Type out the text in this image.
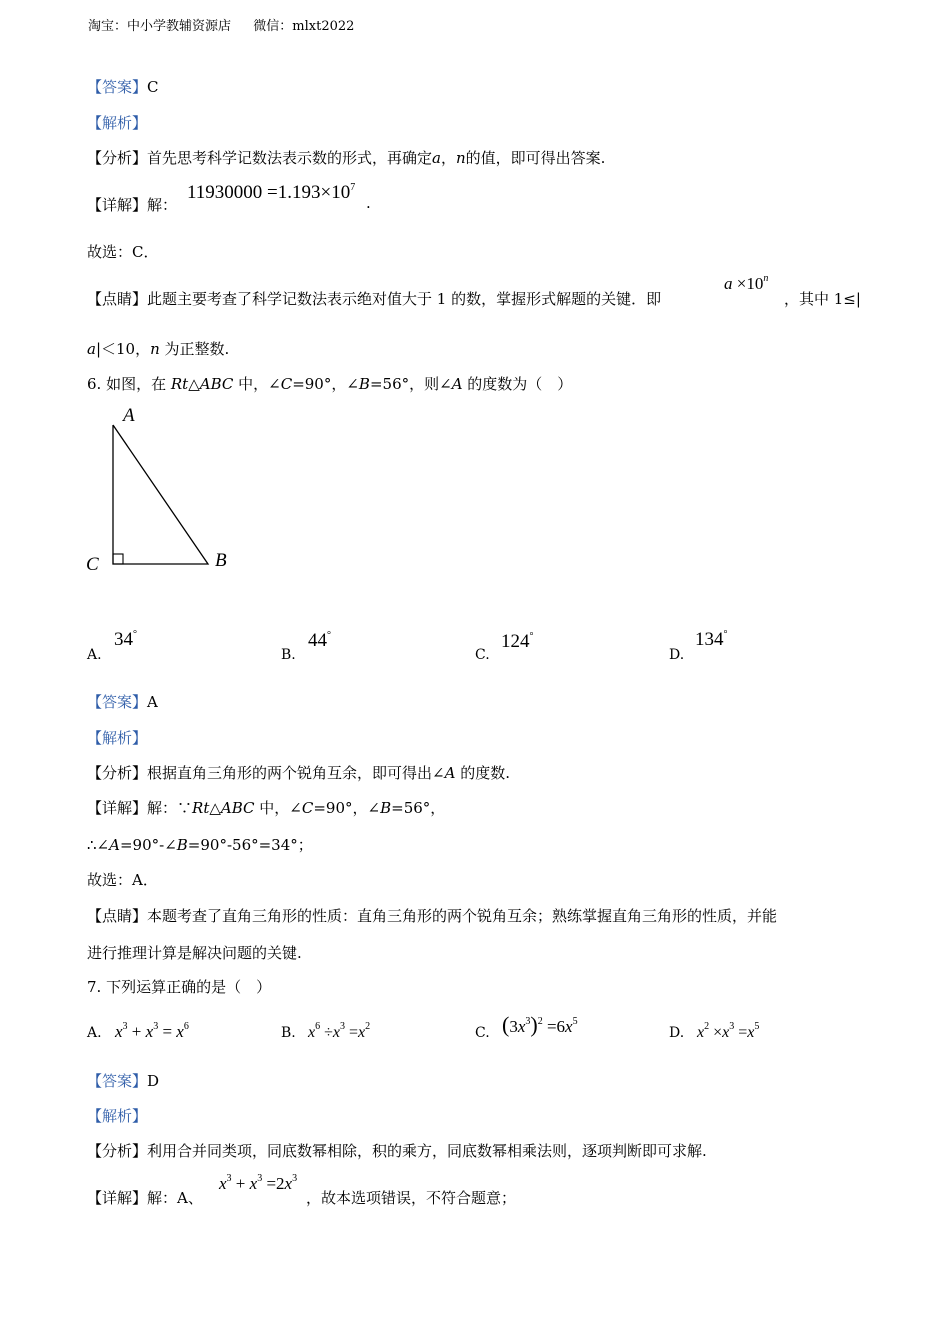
淘宝：中小学教辅资源店 微信：mlxt2022
【答案】C
【解析】
【分析】首先思考科学记数法表示数的形式，再确定a，n的值，即可得出答案.
【详解】解：
$11930000 =1.193\times 10^7$
.
故选：C．
【点睛】此题主要考查了科学记数法表示绝对值大于 1 的数，掌握形式解题的关键．即
$a \times 10^n$
，其中 1≤|
a|＜10，n 为正整数.
6. 如图，在 Rt△ABC 中，∠C=90°，∠B=56°，则∠A 的度数为（　）
A
C	B
A.
34°
B.
44°
C.
124°
D.
134°
【答案】A
【解析】
【分析】根据直角三角形的两个锐角互余，即可得出∠A 的度数.
【详解】解：∵Rt△ABC 中，∠C=90°，∠B=56°，
∴∠A=90°-∠B=90°-56°=34°；
故选：A．
【点睛】本题考查了直角三角形的性质：直角三角形的两个锐角互余；熟练掌握直角三角形的性质，并能
进行推理计算是解决问题的关键.
7. 下列运算正确的是（　）
A. $x^3 + x^3 = x^6$	B. $x^6 \div x^3 =x^2$	C. $(3x^3)^2 =6x^5$
D. $x^2 \times x^3 =x^5$
【答案】D
【解析】
【分析】利用合并同类项，同底数幂相除，积的乘方，同底数幂相乘法则，逐项判断即可求解.
【详解】解：A、
$x^3 + x^3 =2x^3$
，故本选项错误，不符合题意；
